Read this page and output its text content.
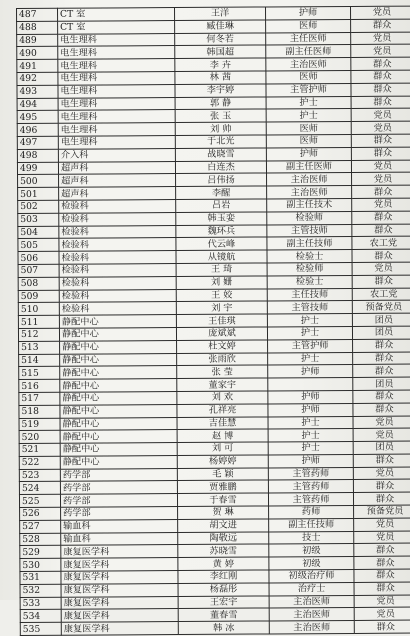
487	CT 室	王洋	护师	党员
488	CT 室	臧佳琳	医师	群众
489	电生理科	何冬若	主任医师	党员
490	电生理科	韩国超	副主任医师	党员
491	电生理科	李 卉	主治医师	群众
492	电生理科	林 茜	医师	群众
493	电生理科	李宇婷	主管护师	群众
494	电生理科	郭 静	护士	群众
495	电生理科	张 玉	护士	党员
496	电生理科	刘 帅	医师	党员
497	电生理科	于北光	医师	群众
498	介入科	战晓雪	护师	群众
499	超声科	白连杰	副主任医师	党员
500	超声科	吕伟扬	主治医师	党员
501	超声科	李醒	主治医师	群众
502	检验科	吕岩	副主任技术	党员
503	检验科	韩玉娈	检验师	群众
504	检验科	魏环兵	主管技师	群众
505	检验科	代云峰	副主任技师	农工党
506	检验科	从镜航	检验士	群众
507	检验科	王 琦	检验师	党员
508	检验科	刘 姗	检验士	群众
509	检验科	王 姣	主任技师	农工党
510	检验科	刘 宇	主管技师	预备党员
511	静配中心	王佳琪	护士	团员
512	静配中心	庞斌斌	护士	团员
513	静配中心	杜文婷	主管护师	群众
514	静配中心	张雨欣	护士	群众
515	静配中心	张 莹	护师	群众
516	静配中心	董家宇		团员
517	静配中心	刘 欢	护师	群众
518	静配中心	孔祥亮	护师	群众
519	静配中心	吉佳慧	护士	党员
520	静配中心	赵 博	护士	党员
521	静配中心	刘 可	护士	团员
522	静配中心	杨婷婷	护师	群众
523	药学部	毛 颖	主管药师	党员
524	药学部	贾雅鹏	主管药师	群众
525	药学部	于春雪	主管药师	群众
526	药学部	贺 琳	药师	预备党员
527	输血科	胡文进	副主任技师	党员
528	输血科	陶敬远	技士	党员
529	康复医学科	苏晓雪	初级	群众
530	康复医学科	黄 婷	初级	群众
531	康复医学科	李红刚	初级治疗师	群众
532	康复医学科	杨磊彤	治疗士	群众
533	康复医学科	王宏宇	主治医师	党员
534	康复医学科	董春雪	主治医师	党员
535	康复医学科	韩 冰	主治医师	群众
